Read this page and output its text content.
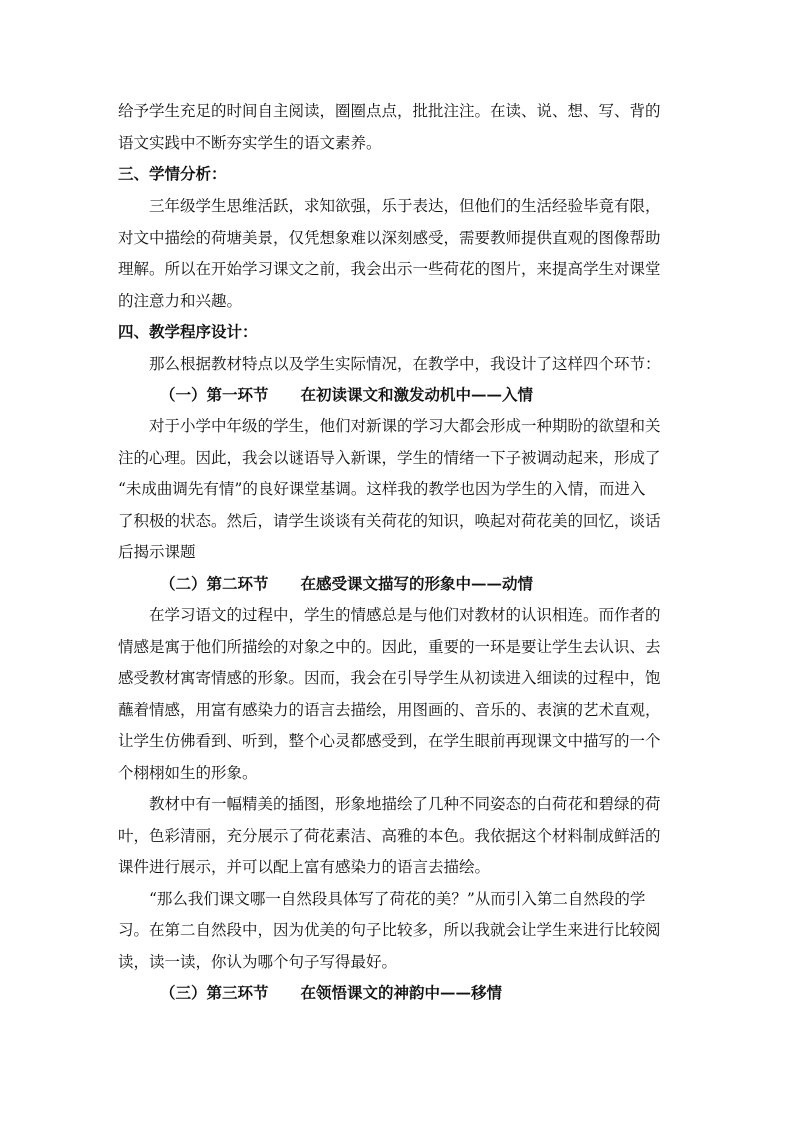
给予学生充足的时间自主阅读，圈圈点点，批批注注。在读、说、想、写、背的

语文实践中不断夯实学生的语文素养。

三、学情分析：

三年级学生思维活跃，求知欲强，乐于表达，但他们的生活经验毕竟有限，

对文中描绘的荷塘美景，仅凭想象难以深刻感受，需要教师提供直观的图像帮助

理解。所以在开始学习课文之前，我会出示一些荷花的图片，来提高学生对课堂

的注意力和兴趣。

四、教学程序设计：

那么根据教材特点以及学生实际情况，在教学中，我设计了这样四个环节：

（一）第一环节 在初读课文和激发动机中——入情

对于小学中年级的学生，他们对新课的学习大都会形成一种期盼的欲望和关

注的心理。因此，我会以谜语导入新课，学生的情绪一下子被调动起来，形成了

“未成曲调先有情”的良好课堂基调。这样我的教学也因为学生的入情，而进入

了积极的状态。然后，请学生谈谈有关荷花的知识，唤起对荷花美的回忆，谈话

后揭示课题

（二）第二环节 在感受课文描写的形象中——动情

在学习语文的过程中，学生的情感总是与他们对教材的认识相连。而作者的

情感是寓于他们所描绘的对象之中的。因此，重要的一环是要让学生去认识、去

感受教材寓寄情感的形象。因而，我会在引导学生从初读进入细读的过程中，饱

蘸着情感，用富有感染力的语言去描绘，用图画的、音乐的、表演的艺术直观，

让学生仿佛看到、听到，整个心灵都感受到，在学生眼前再现课文中描写的一个

个栩栩如生的形象。

教材中有一幅精美的插图，形象地描绘了几种不同姿态的白荷花和碧绿的荷

叶，色彩清丽，充分展示了荷花素洁、高雅的本色。我依据这个材料制成鲜活的

课件进行展示，并可以配上富有感染力的语言去描绘。

“那么我们课文哪一自然段具体写了荷花的美？”从而引入第二自然段的学

习。在第二自然段中，因为优美的句子比较多，所以我就会让学生来进行比较阅

读，读一读，你认为哪个句子写得最好。

（三）第三环节 在领悟课文的神韵中——移情
